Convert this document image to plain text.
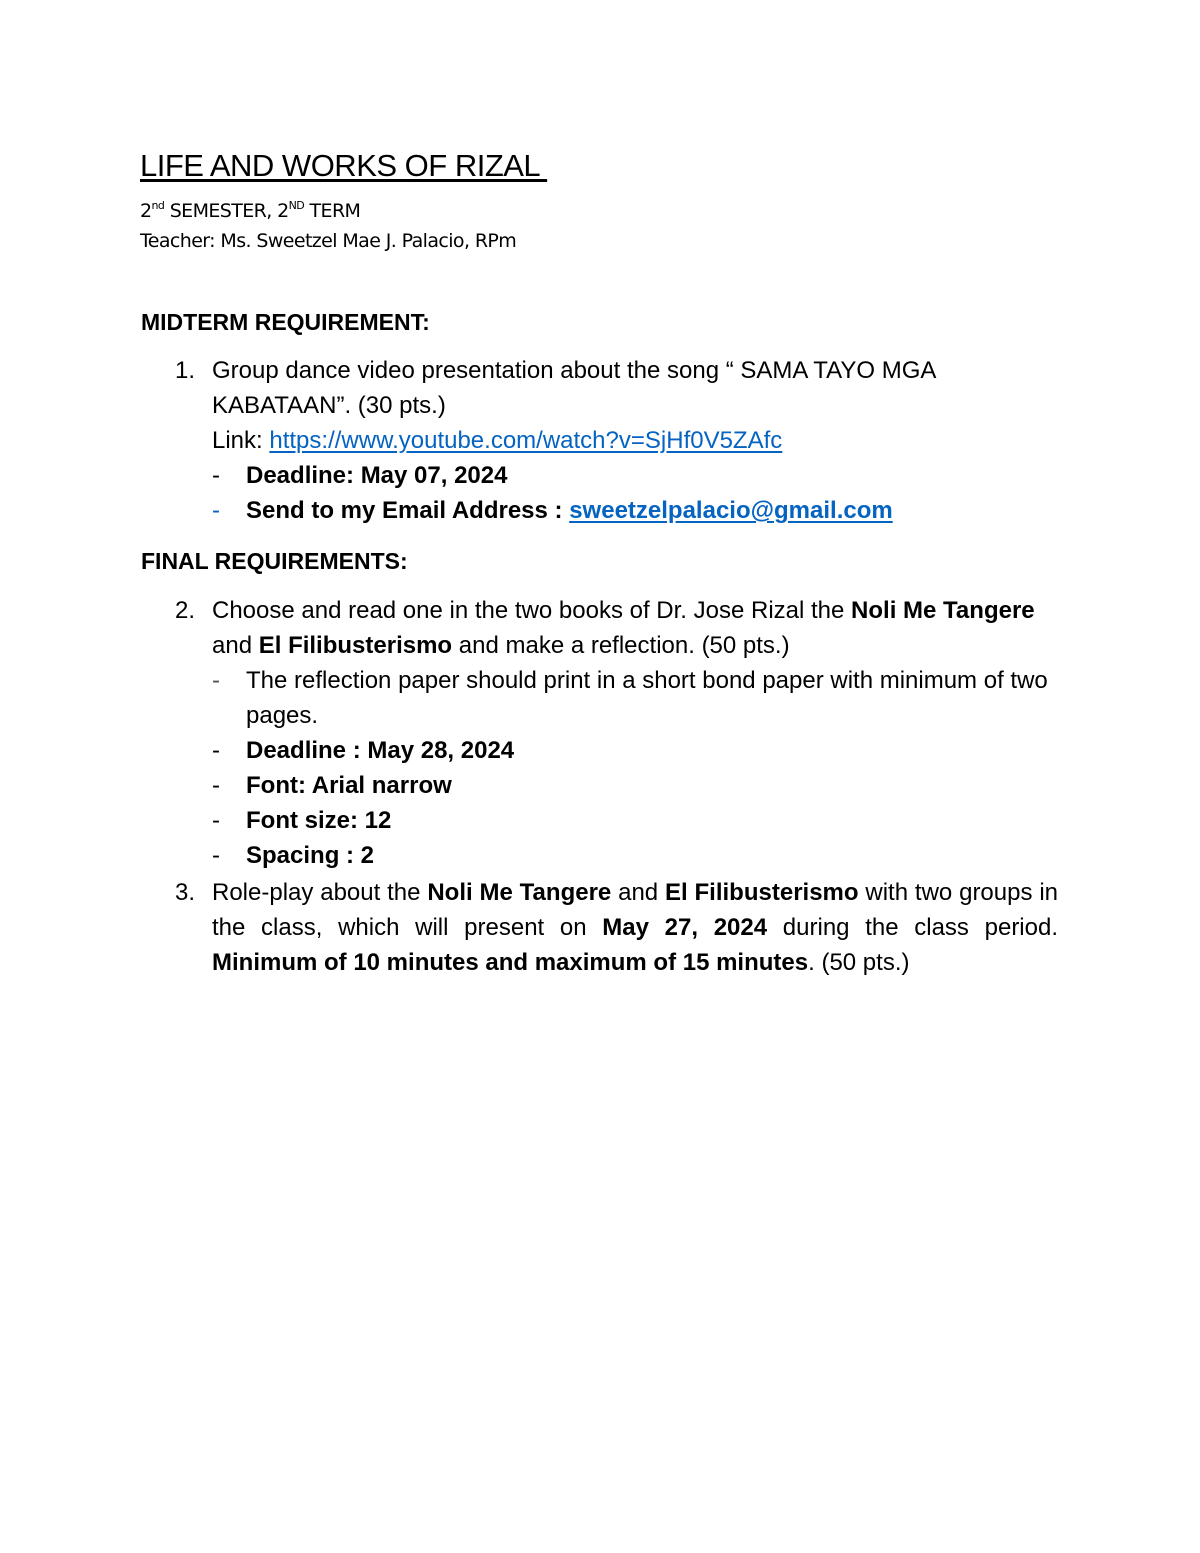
LIFE AND WORKS OF RIZAL

2nd SEMESTER, 2ND TERM

Teacher: Ms. Sweetzel Mae J. Palacio, RPm

MIDTERM REQUIREMENT:
1. Group dance video presentation about the song “ SAMA TAYO MGA KABATAAN”. (30 pts.)
Link: https://www.youtube.com/watch?v=SjHf0V5ZAfc
- Deadline: May 07, 2024
- Send to my Email Address : sweetzelpalacio@gmail.com
FINAL REQUIREMENTS:
2. Choose and read one in the two books of Dr. Jose Rizal the Noli Me Tangere and El Filibusterismo and make a reflection. (50 pts.)
- The reflection paper should print in a short bond paper with minimum of two pages.
- Deadline : May 28, 2024
- Font: Arial narrow
- Font size: 12
- Spacing : 2
3. Role-play about the Noli Me Tangere and El Filibusterismo with two groups in the class, which will present on May 27, 2024 during the class period. Minimum of 10 minutes and maximum of 15 minutes. (50 pts.)
